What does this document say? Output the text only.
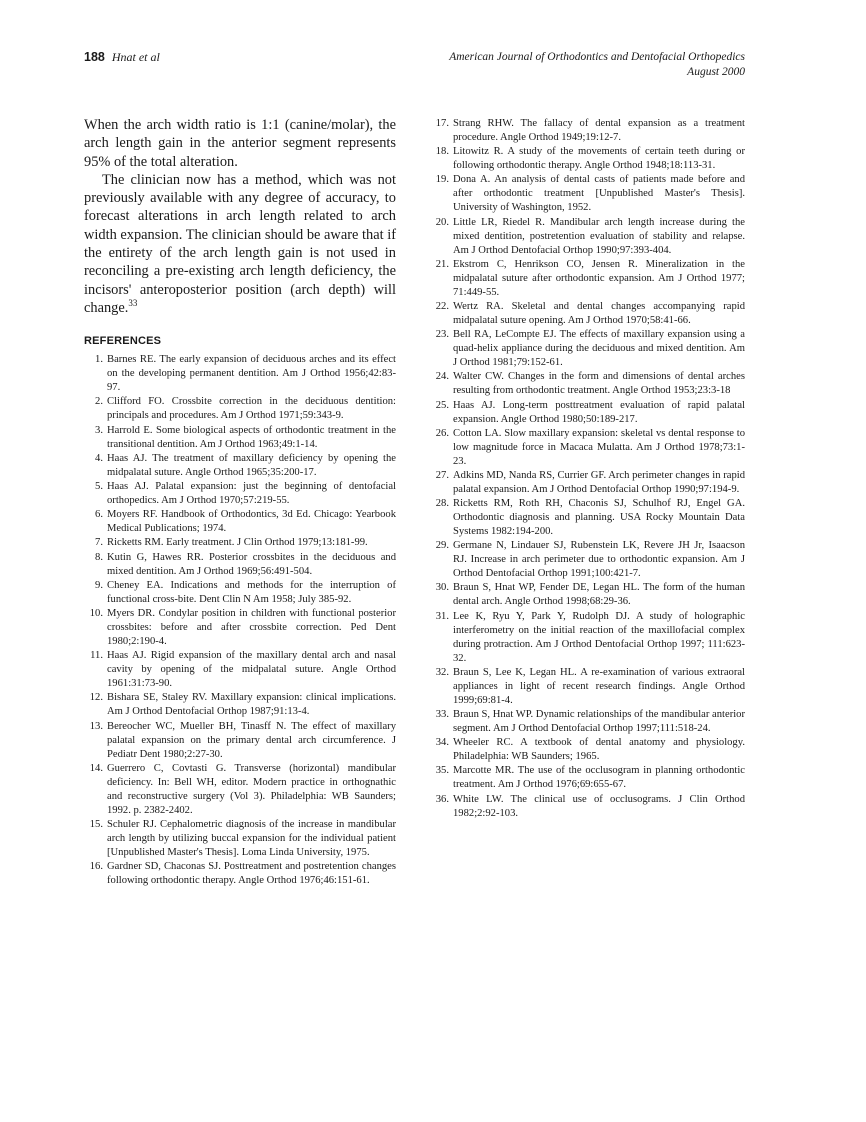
188 Hnat et al	American Journal of Orthodontics and Dentofacial Orthopedics
August 2000

When the arch width ratio is 1:1 (canine/molar), the arch length gain in the anterior segment represents 95% of the total alteration.

The clinician now has a method, which was not previously available with any degree of accuracy, to forecast alterations in arch length related to arch width expansion. The clinician should be aware that if the entirety of the arch length gain is not used in reconciling a pre-existing arch length deficiency, the incisors' anteroposterior position (arch depth) will change.$^{33}$

REFERENCES
1. Barnes RE. The early expansion of deciduous arches and its effect on the developing permanent dentition. Am J Orthod 1956;42:83-97.
2. Clifford FO. Crossbite correction in the deciduous dentition: principals and procedures. Am J Orthod 1971;59:343-9.
3. Harrold E. Some biological aspects of orthodontic treatment in the transitional dentition. Am J Orthod 1963;49:1-14.
4. Haas AJ. The treatment of maxillary deficiency by opening the midpalatal suture. Angle Orthod 1965;35:200-17.
5. Haas AJ. Palatal expansion: just the beginning of dentofacial orthopedics. Am J Orthod 1970;57:219-55.
6. Moyers RF. Handbook of Orthodontics, 3d Ed. Chicago: Yearbook Medical Publications; 1974.
7. Ricketts RM. Early treatment. J Clin Orthod 1979;13:181-99.
8. Kutin G, Hawes RR. Posterior crossbites in the deciduous and mixed dentition. Am J Orthod 1969;56:491-504.
9. Cheney EA. Indications and methods for the interruption of functional cross-bite. Dent Clin N Am 1958; July 385-92.
10. Myers DR. Condylar position in children with functional posterior crossbites: before and after crossbite correction. Ped Dent 1980;2:190-4.
11. Haas AJ. Rigid expansion of the maxillary dental arch and nasal cavity by opening of the midpalatal suture. Angle Orthod 1961:31:73-90.
12. Bishara SE, Staley RV. Maxillary expansion: clinical implications. Am J Orthod Dentofacial Orthop 1987;91:13-4.
13. Bereocher WC, Mueller BH, Tinasff N. The effect of maxillary palatal expansion on the primary dental arch circumference. J Pediatr Dent 1980;2:27-30.
14. Guerrero C, Covtasti G. Transverse (horizontal) mandibular deficiency. In: Bell WH, editor. Modern practice in orthognathic and reconstructive surgery (Vol 3). Philadelphia: WB Saunders; 1992. p. 2382-2402.
15. Schuler RJ. Cephalometric diagnosis of the increase in mandibular arch length by utilizing buccal expansion for the individual patient [Unpublished Master's Thesis]. Loma Linda University, 1975.
16. Gardner SD, Chaconas SJ. Posttreatment and postretention changes following orthodontic therapy. Angle Orthod 1976;46:151-61.
17. Strang RHW. The fallacy of dental expansion as a treatment procedure. Angle Orthod 1949;19:12-7.
18. Litowitz R. A study of the movements of certain teeth during or following orthodontic therapy. Angle Orthod 1948;18:113-31.
19. Dona A. An analysis of dental casts of patients made before and after orthodontic treatment [Unpublished Master's Thesis]. University of Washington, 1952.
20. Little LR, Riedel R. Mandibular arch length increase during the mixed dentition, postretention evaluation of stability and relapse. Am J Orthod Dentofacial Orthop 1990;97:393-404.
21. Ekstrom C, Henrikson CO, Jensen R. Mineralization in the midpalatal suture after orthodontic expansion. Am J Orthod 1977; 71:449-55.
22. Wertz RA. Skeletal and dental changes accompanying rapid midpalatal suture opening. Am J Orthod 1970;58:41-66.
23. Bell RA, LeCompte EJ. The effects of maxillary expansion using a quad-helix appliance during the deciduous and mixed dentition. Am J Orthod 1981;79:152-61.
24. Walter CW. Changes in the form and dimensions of dental arches resulting from orthodontic treatment. Angle Orthod 1953;23:3-18
25. Haas AJ. Long-term posttreatment evaluation of rapid palatal expansion. Angle Orthod 1980;50:189-217.
26. Cotton LA. Slow maxillary expansion: skeletal vs dental response to low magnitude force in Macaca Mulatta. Am J Orthod 1978;73:1-23.
27. Adkins MD, Nanda RS, Currier GF. Arch perimeter changes in rapid palatal expansion. Am J Orthod Dentofacial Orthop 1990;97:194-9.
28. Ricketts RM, Roth RH, Chaconis SJ, Schulhof RJ, Engel GA. Orthodontic diagnosis and planning. USA Rocky Mountain Data Systems 1982:194-200.
29. Germane N, Lindauer SJ, Rubenstein LK, Revere JH Jr, Isaacson RJ. Increase in arch perimeter due to orthodontic expansion. Am J Orthod Dentofacial Orthop 1991;100:421-7.
30. Braun S, Hnat WP, Fender DE, Legan HL. The form of the human dental arch. Angle Orthod 1998;68:29-36.
31. Lee K, Ryu Y, Park Y, Rudolph DJ. A study of holographic interferometry on the initial reaction of the maxillofacial complex during protraction. Am J Orthod Dentofacial Orthop 1997; 111:623-32.
32. Braun S, Lee K, Legan HL. A re-examination of various extraoral appliances in light of recent research findings. Angle Orthod 1999;69:81-4.
33. Braun S, Hnat WP. Dynamic relationships of the mandibular anterior segment. Am J Orthod Dentofacial Orthop 1997;111:518-24.
34. Wheeler RC. A textbook of dental anatomy and physiology. Philadelphia: WB Saunders; 1965.
35. Marcotte MR. The use of the occlusogram in planning orthodontic treatment. Am J Orthod 1976;69:655-67.
36. White LW. The clinical use of occlusograms. J Clin Orthod 1982;2:92-103.
